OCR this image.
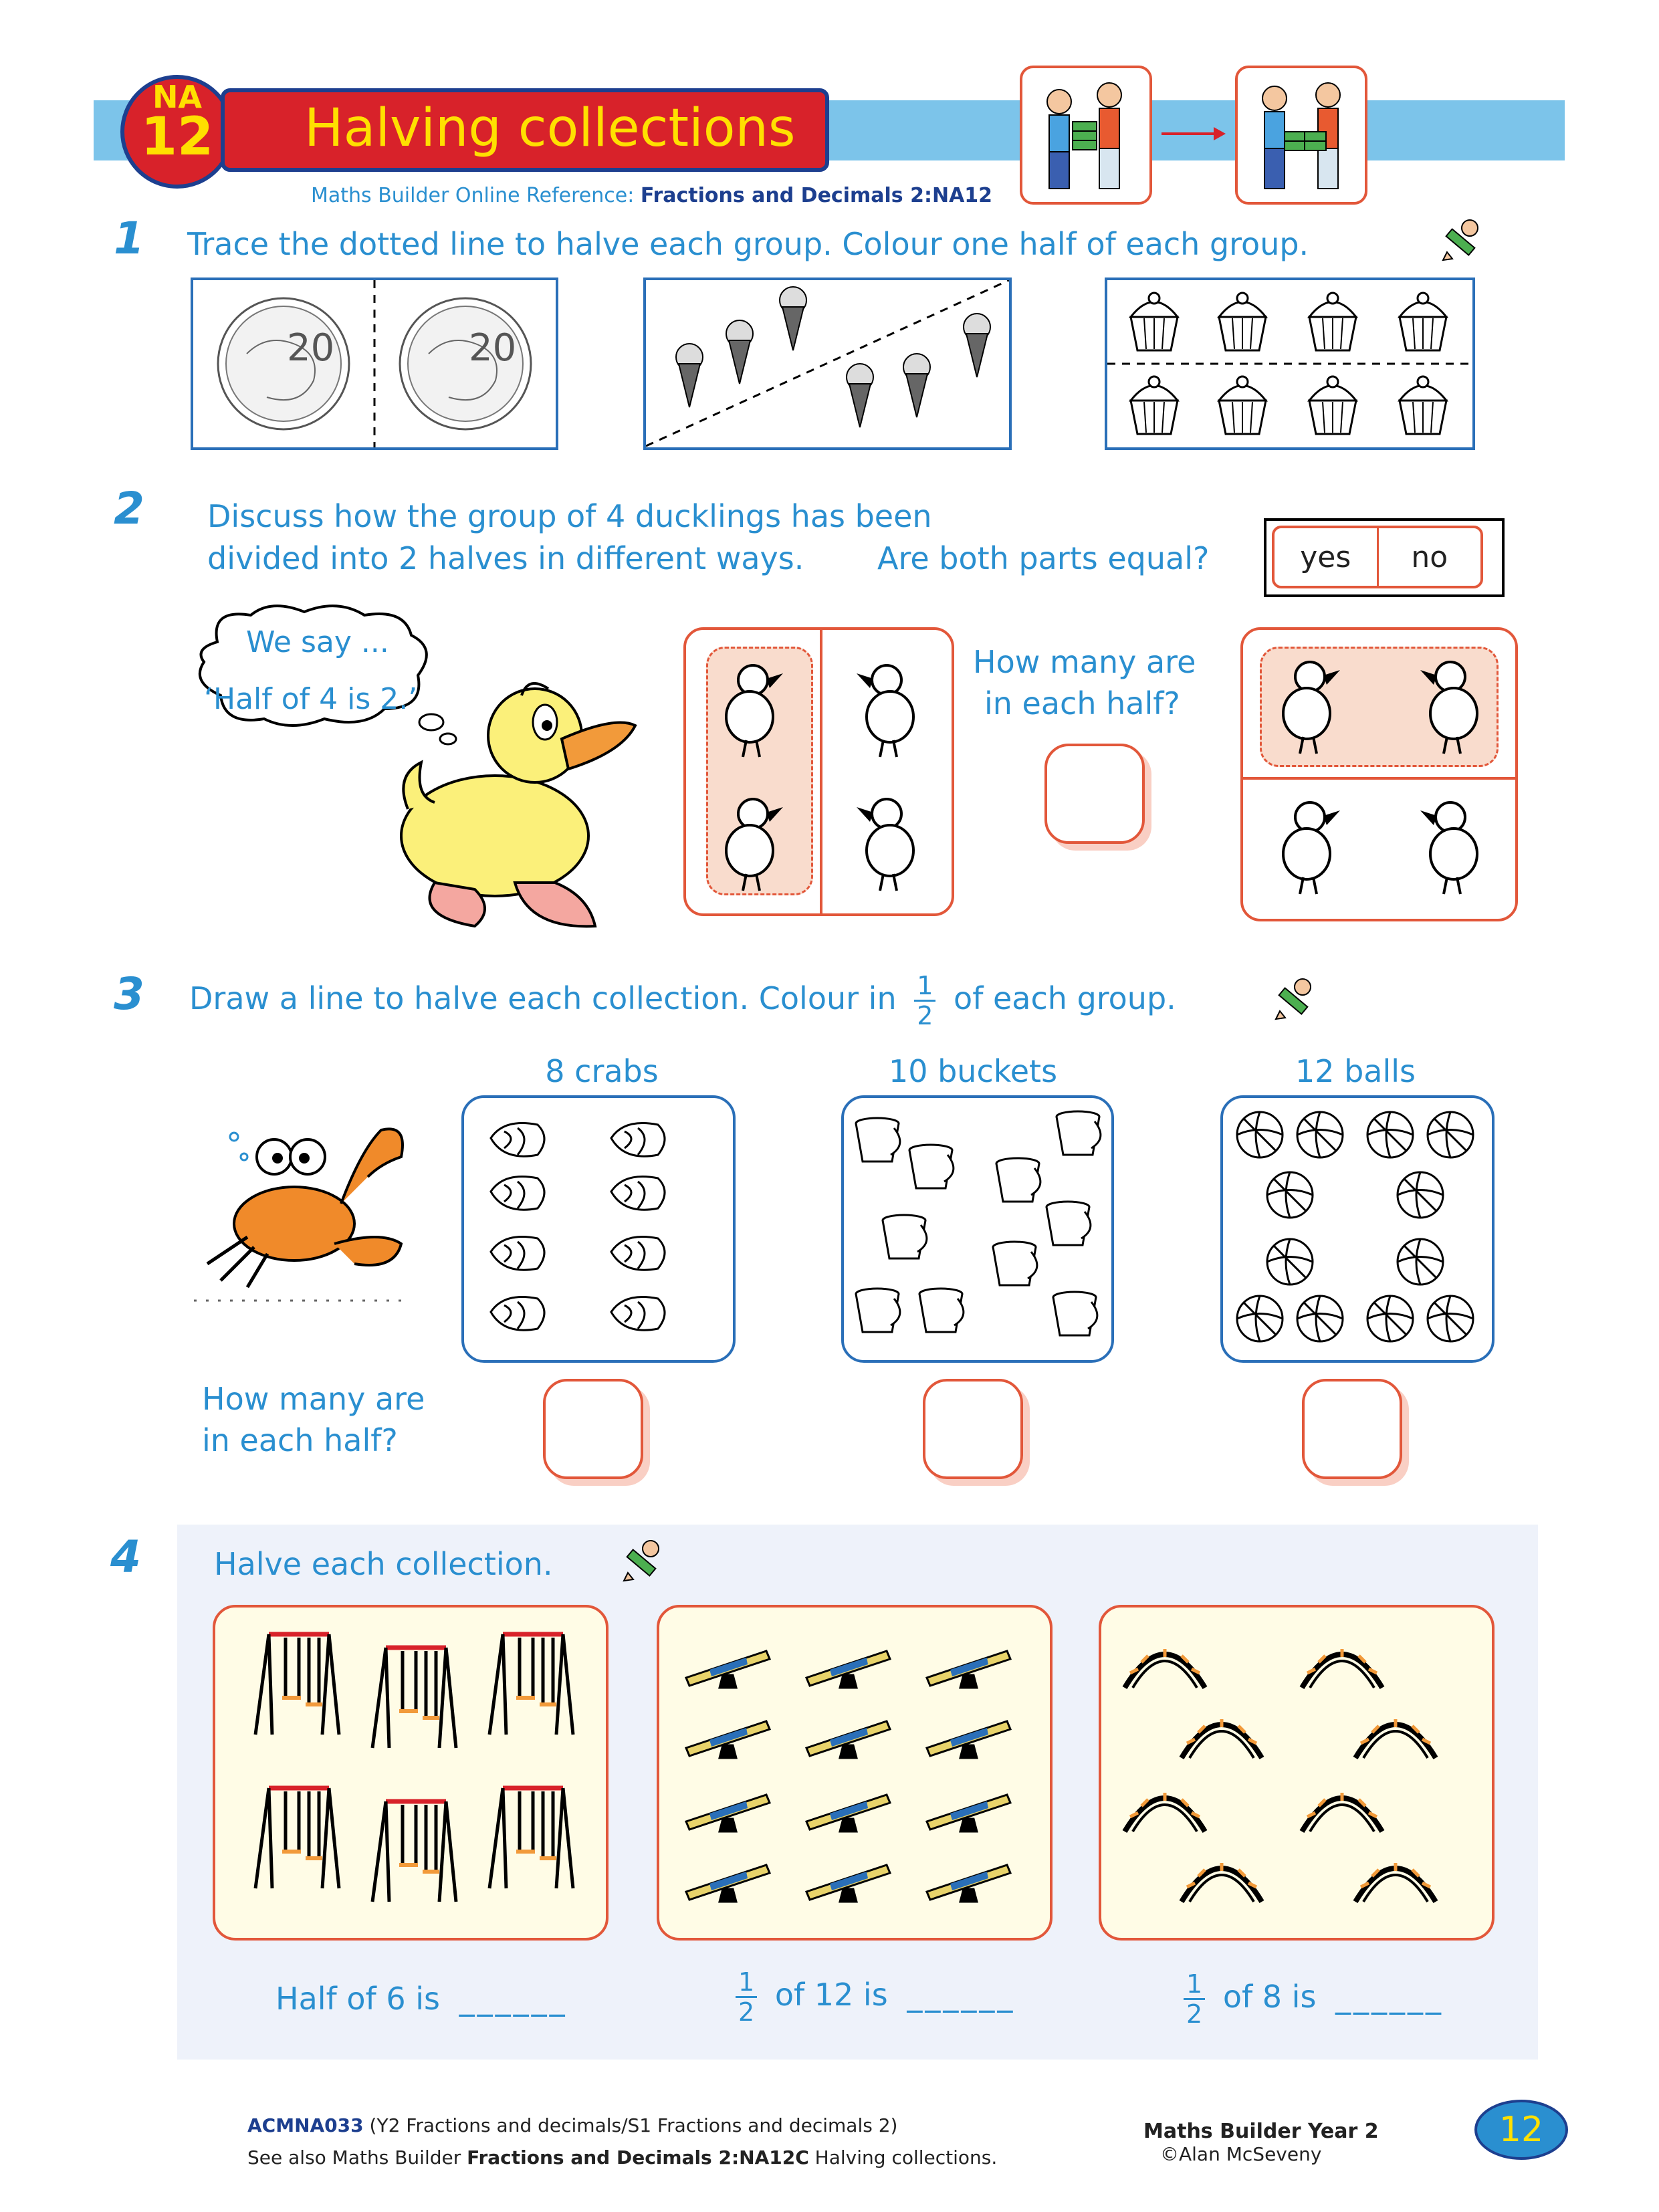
NA
12 Halving collections
Maths Builder Online Reference: Fractions and Decimals 2:NA12
1 Trace the dotted line to halve each group. Colour one half of each group.
20	20
2 Discuss how the group of 4 ducklings has been
divided into 2 halves in different ways. Are both parts equal?	yes	no
We say ...
‘Half of 4 is 2.’
How many are
in each half?
3 Draw a line to halve each collection. Colour in $\frac{1}{2}$ of each group.
8 crabs	10 buckets	12 balls
How many are
in each half?
4 Halve each collection.
Half of 6 is ______	$\frac{1}{2}$ of 12 is ______	$\frac{1}{2}$ of 8 is ______
ACMNA033 (Y2 Fractions and decimals/S1 Fractions and decimals 2)
See also Maths Builder Fractions and Decimals 2:NA12C Halving collections.
Maths Builder Year 2
©Alan McSeveny
12
